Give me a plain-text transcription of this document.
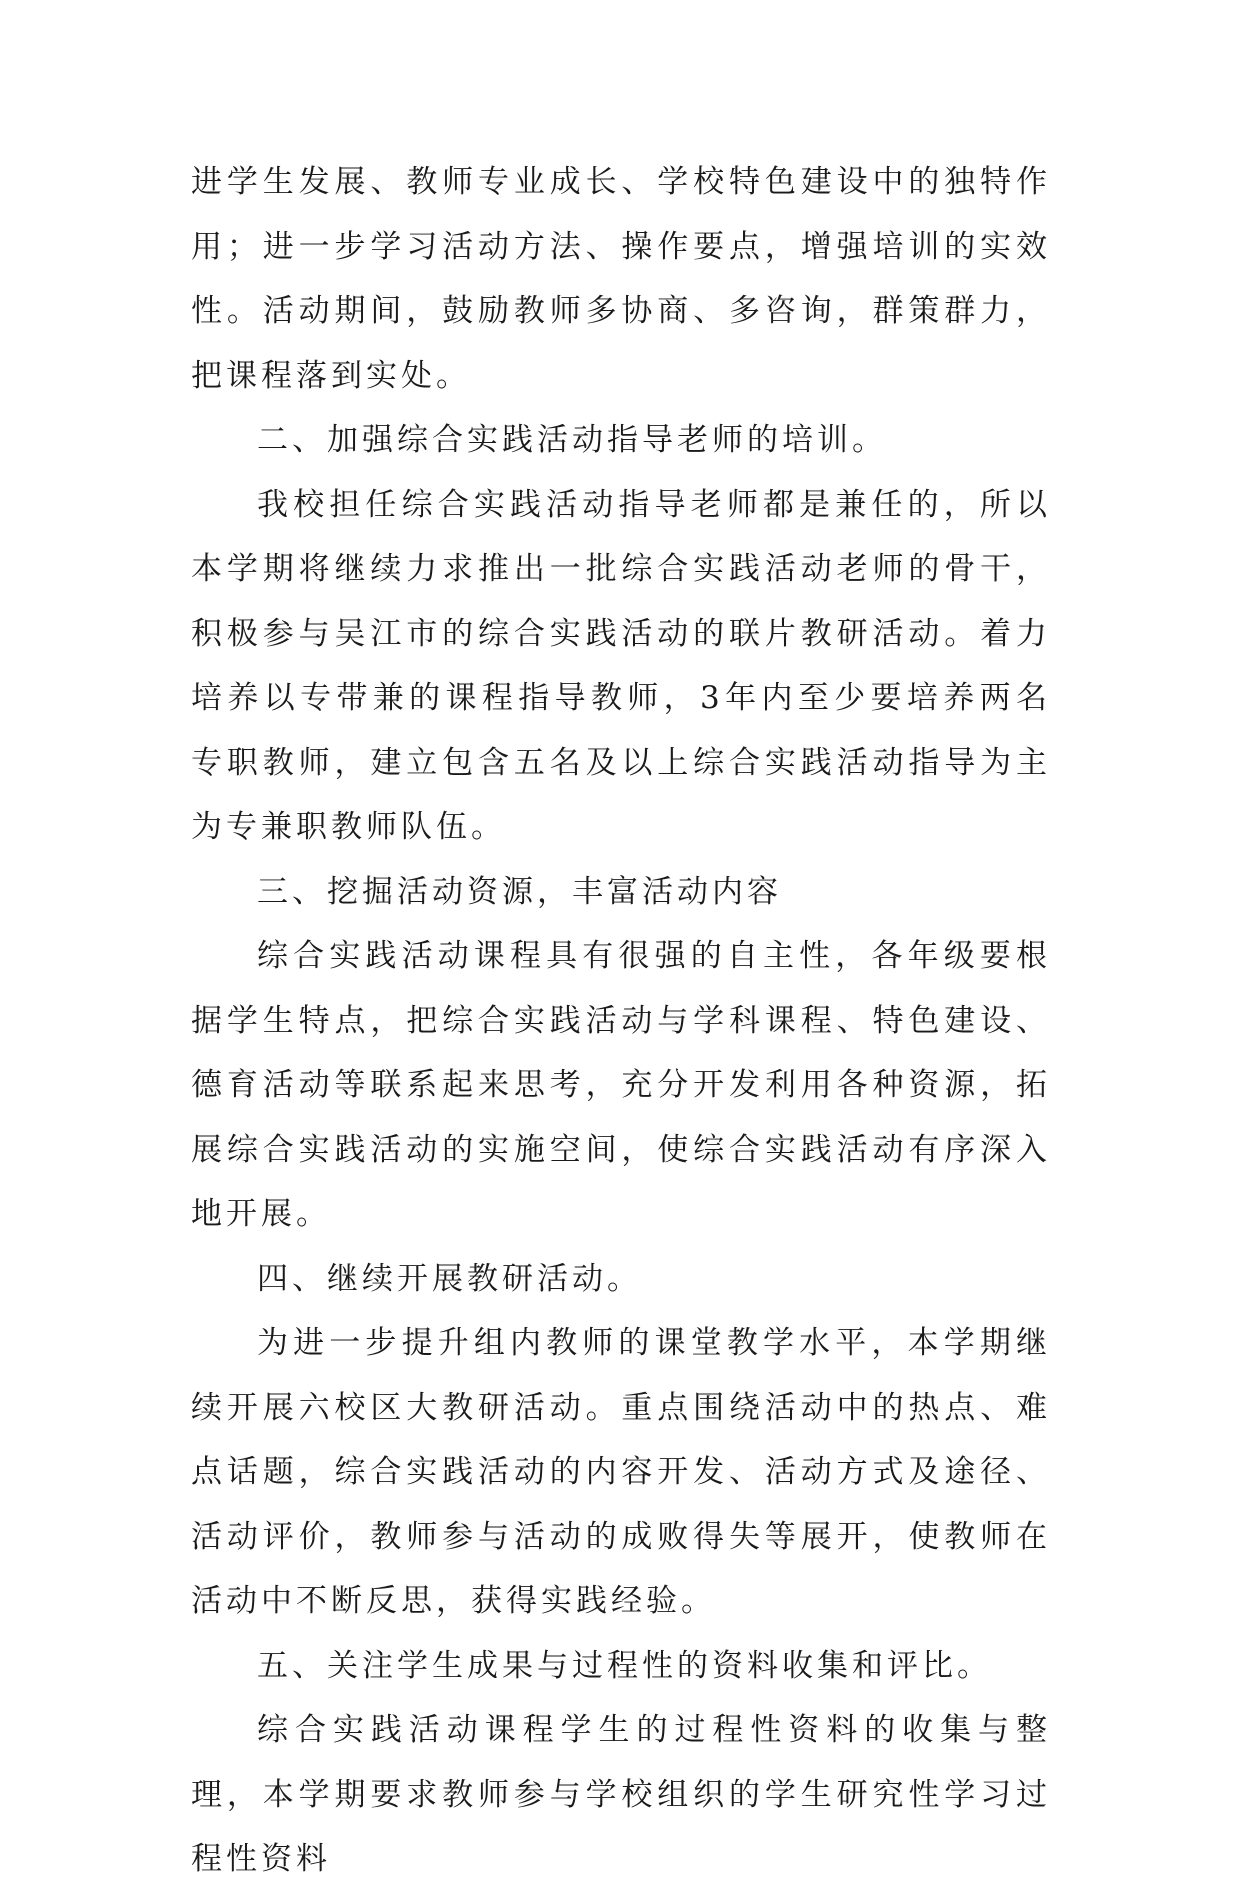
进学生发展、教师专业成长、学校特色建设中的独特作用；进一步学习活动方法、操作要点，增强培训的实效性。活动期间，鼓励教师多协商、多咨询，群策群力，把课程落到实处。

二、加强综合实践活动指导老师的培训。

我校担任综合实践活动指导老师都是兼任的，所以本学期将继续力求推出一批综合实践活动老师的骨干，积极参与吴江市的综合实践活动的联片教研活动。着力培养以专带兼的课程指导教师，3年内至少要培养两名专职教师，建立包含五名及以上综合实践活动指导为主为专兼职教师队伍。

三、挖掘活动资源，丰富活动内容

综合实践活动课程具有很强的自主性，各年级要根据学生特点，把综合实践活动与学科课程、特色建设、德育活动等联系起来思考，充分开发利用各种资源，拓展综合实践活动的实施空间，使综合实践活动有序深入地开展。

四、继续开展教研活动。

为进一步提升组内教师的课堂教学水平，本学期继续开展六校区大教研活动。重点围绕活动中的热点、难点话题，综合实践活动的内容开发、活动方式及途径、活动评价，教师参与活动的成败得失等展开，使教师在活动中不断反思，获得实践经验。

五、关注学生成果与过程性的资料收集和评比。

综合实践活动课程学生的过程性资料的收集与整理，本学期要求教师参与学校组织的学生研究性学习过程性资料
